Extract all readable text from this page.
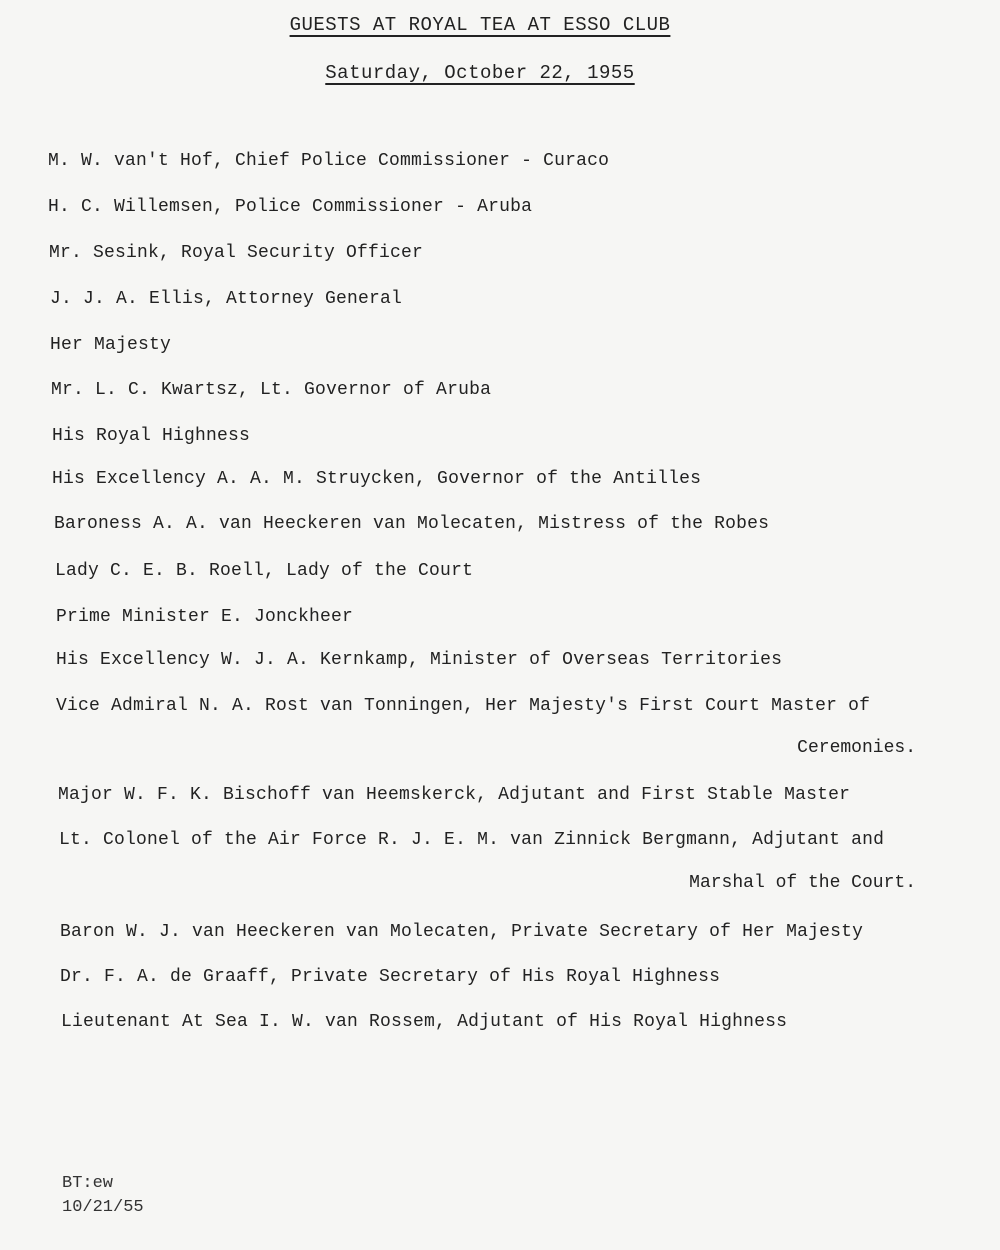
GUESTS AT ROYAL TEA AT ESSO CLUB
Saturday, October 22, 1955
M. W. van't Hof, Chief Police Commissioner - Curaco
H. C. Willemsen, Police Commissioner - Aruba
Mr. Sesink, Royal Security Officer
J. J. A. Ellis, Attorney General
Her Majesty
Mr. L. C. Kwartsz, Lt. Governor of Aruba
His Royal Highness
His Excellency A. A. M. Struycken, Governor of the Antilles
Baroness A. A. van Heeckeren van Molecaten, Mistress of the Robes
Lady C. E. B. Roell, Lady of the Court
Prime Minister E. Jonckheer
His Excellency W. J. A. Kernkamp, Minister of Overseas Territories
Vice Admiral N. A. Rost van Tonningen, Her Majesty's First Court Master of
Ceremonies.
Major W. F. K. Bischoff van Heemskerck, Adjutant and First Stable Master
Lt. Colonel of the Air Force R. J. E. M. van Zinnick Bergmann, Adjutant and
Marshal of the Court.
Baron W. J. van Heeckeren van Molecaten, Private Secretary of Her Majesty
Dr. F. A. de Graaff, Private Secretary of His Royal Highness
Lieutenant At Sea I. W. van Rossem, Adjutant of His Royal Highness
BT:ew
10/21/55
